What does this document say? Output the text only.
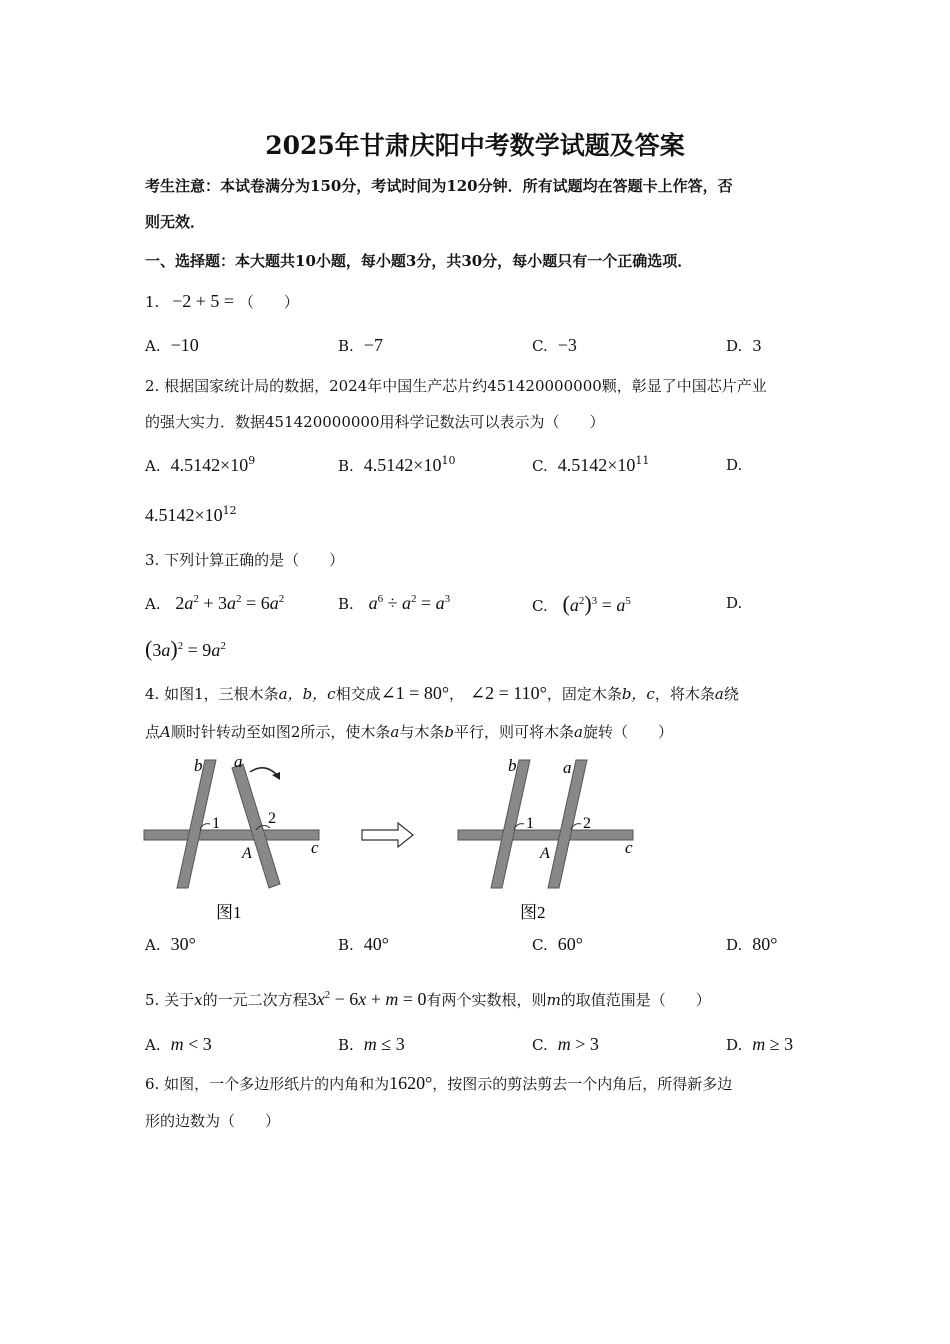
2025年甘肃庆阳中考数学试题及答案
考生注意：本试卷满分为150分，考试时间为120分钟．所有试题均在答题卡上作答，否
则无效．
一、选择题：本大题共10小题，每小题3分，共30分，每小题只有一个正确选项．
1. −2 + 5 = （　　）
A. −10	B. −7	C. −3	D. 3
2. 根据国家统计局的数据，2024年中国生产芯片约451420000000颗，彰显了中国芯片产业
的强大实力．数据451420000000用科学记数法可以表示为（　　）
A. $4.5142\times 10^9$	B. $4.5142\times 10^{10}$	C. $4.5142\times 10^{11}$	D.
$4.5142\times 10^{12}$
3. 下列计算正确的是（　　）
A. $2a^2 + 3a^2 = 6a^2$	B. $a^6 \div a^2 = a^3$	C. $(a^2)^3 = a^5$	D.
$(3a)^2 = 9a^2$
4. 如图1，三根木条a，b，c相交成∠1 = 80°， ∠2 = 110°，固定木条b，c，将木条a绕
点A顺时针转动至如图2所示，使木条a与木条b平行，则可将木条a旋转（　　）
b a
1	2
A	c
图1
b	a
1	2
A	c
图2
A. 30°	B. 40°	C. 60°	D. 80°
5. 关于x的一元二次方程$3x^2 - 6x + m = 0$有两个实数根，则m的取值范围是（　　）
A. m < 3	B. m ≤ 3	C. m > 3	D. m ≥ 3
6. 如图，一个多边形纸片的内角和为1620°，按图示的剪法剪去一个内角后，所得新多边
形的边数为（　　）
